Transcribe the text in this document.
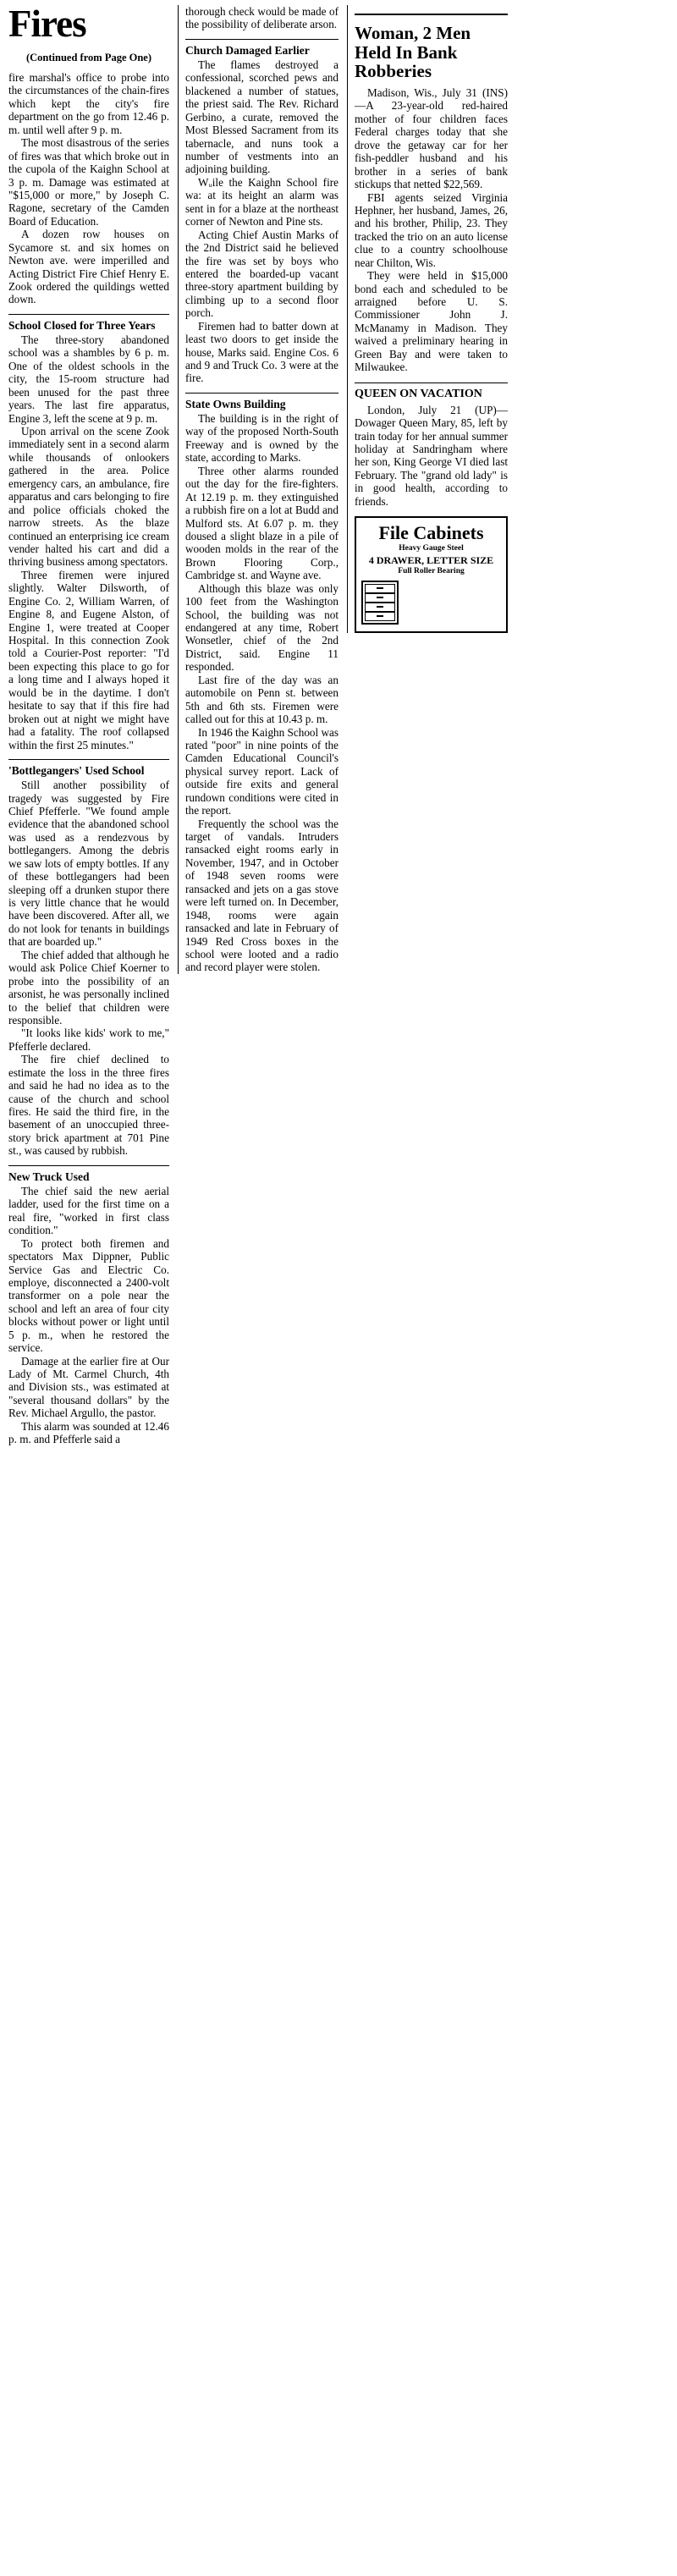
Fires
(Continued from Page One)

fire marshal's office to probe into the circumstances of the chain-fires which kept the city's fire department on the go from 12.46 p. m. until well after 9 p. m.

The most disastrous of the series of fires was that which broke out in the cupola of the Kaighn School at 3 p. m. Damage was estimated at "$15,000 or more," by Joseph C. Ragone, secretary of the Camden Board of Education.

A dozen row houses on Sycamore st. and six homes on Newton ave. were imperilled and Acting District Fire Chief Henry E. Zook ordered the quildings wetted down.

School Closed for Three Years

The three-story abandoned school was a shambles by 6 p. m. One of the oldest schools in the city, the 15-room structure had been unused for the past three years. The last fire apparatus, Engine 3, left the scene at 9 p. m.

Upon arrival on the scene Zook immediately sent in a second alarm while thousands of onlookers gathered in the area. Police emergency cars, an ambulance, fire apparatus and cars belonging to fire and police officials choked the narrow streets. As the blaze continued an enterprising ice cream vender halted his cart and did a thriving business among spectators.

Three firemen were injured slightly. Walter Dilsworth, of Engine Co. 2, William Warren, of Engine 8, and Eugene Alston, of Engine 1, were treated at Cooper Hospital. In this connection Zook told a Courier-Post reporter: "I'd been expecting this place to go for a long time and I always hoped it would be in the daytime. I don't hesitate to say that if this fire had broken out at night we might have had a fatality. The roof collapsed within the first 25 minutes."

'Bottlegangers' Used School

Still another possibility of tragedy was suggested by Fire Chief Pfefferle. "We found ample evidence that the abandoned school was used as a rendezvous by bottlegangers. Among the debris we saw lots of empty bottles. If any of these bottlegangers had been sleeping off a drunken stupor there is very little chance that he would have been discovered. After all, we do not look for tenants in buildings that are boarded up."

The chief added that although he would ask Police Chief Koerner to probe into the possibility of an arsonist, he was personally inclined to the belief that children were responsible.

"It looks like kids' work to me," Pfefferle declared.

The fire chief declined to estimate the loss in the three fires and said he had no idea as to the cause of the church and school fires. He said the third fire, in the basement of an unoccupied three-story brick apartment at 701 Pine st., was caused by rubbish.

New Truck Used

The chief said the new aerial ladder, used for the first time on a real fire, "worked in first class condition."

To protect both firemen and spectators Max Dippner, Public Service Gas and Electric Co. employe, disconnected a 2400-volt transformer on a pole near the school and left an area of four city blocks without power or light until 5 p. m., when he restored the service.

Damage at the earlier fire at Our Lady of Mt. Carmel Church, 4th and Division sts., was estimated at "several thousand dollars" by the Rev. Michael Argullo, the pastor.

This alarm was sounded at 12.46 p. m. and Pfefferle said a

thorough check would be made of the possibility of deliberate arson.

Church Damaged Earlier

The flames destroyed a confessional, scorched pews and blackened a number of statues, the priest said. The Rev. Richard Gerbino, a curate, removed the Most Blessed Sacrament from its tabernacle, and nuns took a number of vestments into an adjoining building.

Wᵤile the Kaighn School fire wa: at its height an alarm was sent in for a blaze at the northeast corner of Newton and Pine sts.

Acting Chief Austin Marks of the 2nd District said he believed the fire was set by boys who entered the boarded-up vacant three-story apartment building by climbing up to a second floor porch.

Firemen had to batter down at least two doors to get inside the house, Marks said. Engine Cos. 6 and 9 and Truck Co. 3 were at the fire.

State Owns Building

The building is in the right of way of the proposed North-South Freeway and is owned by the state, according to Marks.

Three other alarms rounded out the day for the fire-fighters. At 12.19 p. m. they extinguished a rubbish fire on a lot at Budd and Mulford sts. At 6.07 p. m. they doused a slight blaze in a pile of wooden molds in the rear of the Brown Flooring Corp., Cambridge st. and Wayne ave.

Although this blaze was only 100 feet from the Washington School, the building was not endangered at any time, Robert Wonsetler, chief of the 2nd District, said. Engine 11 responded.

Last fire of the day was an automobile on Penn st. between 5th and 6th sts. Firemen were called out for this at 10.43 p. m.

In 1946 the Kaighn School was rated "poor" in nine points of the Camden Educational Council's physical survey report. Lack of outside fire exits and general rundown conditions were cited in the report.

Frequently the school was the target of vandals. Intruders ransacked eight rooms early in November, 1947, and in October of 1948 seven rooms were ransacked and jets on a gas stove were left turned on. In December, 1948, rooms were again ransacked and late in February of 1949 Red Cross boxes in the school were looted and a radio and record player were stolen.

Woman, 2 Men Held In Bank Robberies

Madison, Wis., July 31 (INS)—A 23-year-old red-haired mother of four children faces Federal charges today that she drove the getaway car for her fish-peddler husband and his brother in a series of bank stickups that netted $22,569.

FBI agents seized Virginia Hephner, her husband, James, 26, and his brother, Philip, 23. They tracked the trio on an auto license clue to a country schoolhouse near Chilton, Wis.

They were held in $15,000 bond each and scheduled to be arraigned before U. S. Commissioner John J. McManamy in Madison. They waived a preliminary hearing in Green Bay and were taken to Milwaukee.

QUEEN ON VACATION

London, July 21 (UP)—Dowager Queen Mary, 85, left by train today for her annual summer holiday at Sandringham where her son, King George VI died last February. The "grand old lady" is in good health, according to friends.

File Cabinets
Heavy Gauge Steel
4 DRAWER, LETTER SIZE
Full Roller Bearing
